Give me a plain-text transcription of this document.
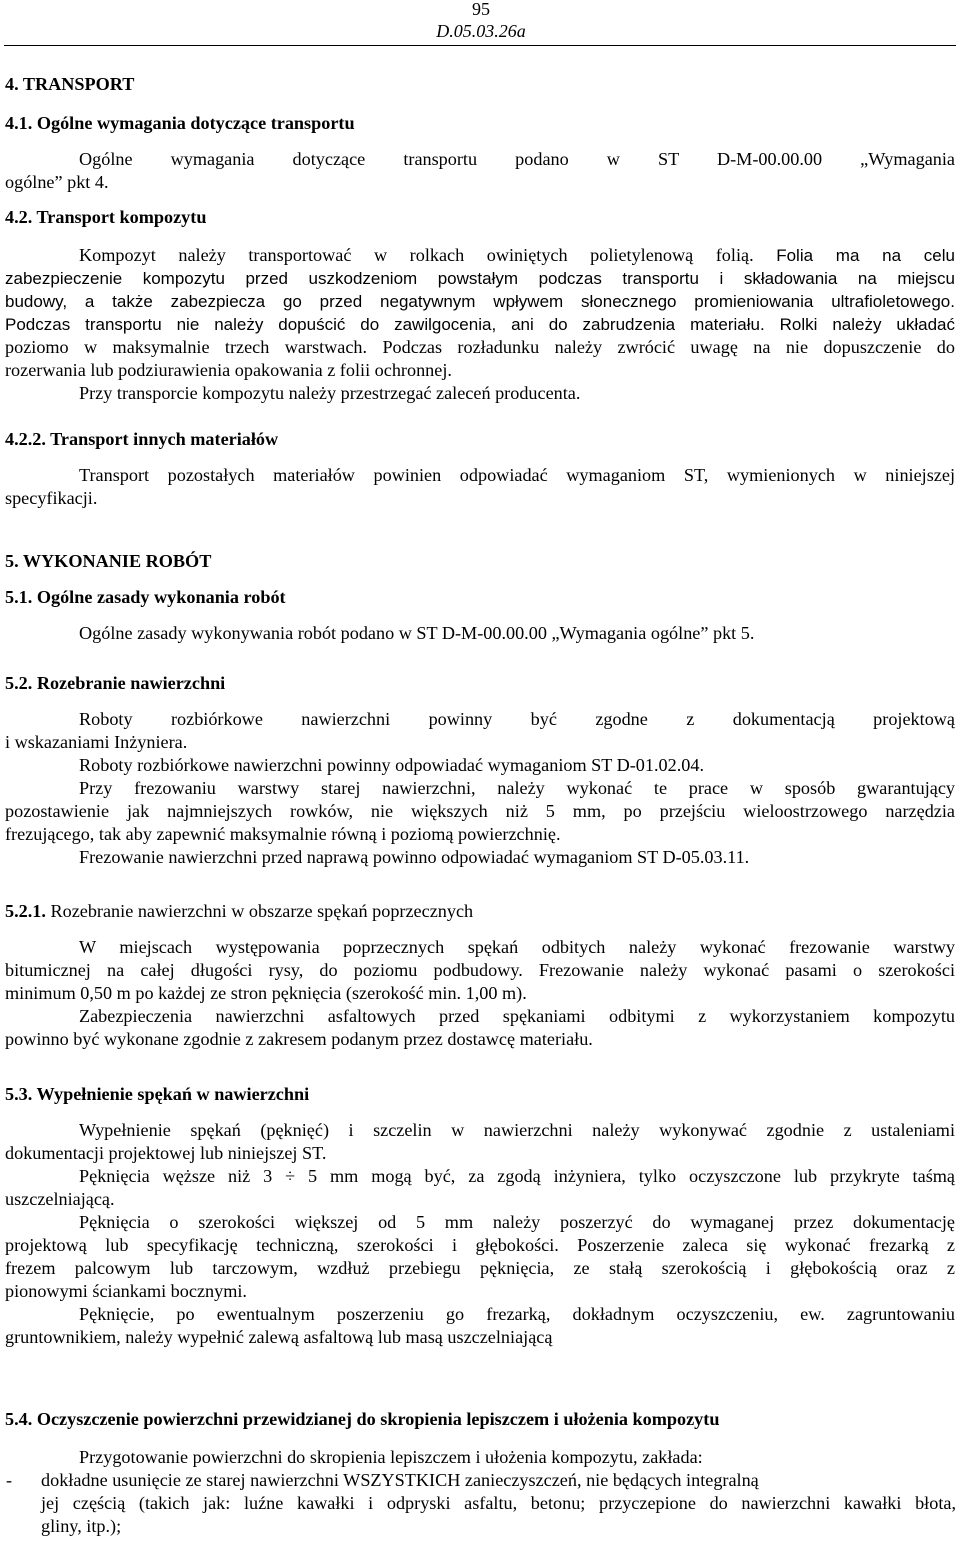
95
D.05.03.26a
4. TRANSPORT
4.1. Ogólne wymagania dotyczące transportu
Ogólne wymagania dotyczące transportu podano w ST D-M-00.00.00 „Wymagania
ogólne” pkt 4.
4.2. Transport kompozytu
Kompozyt należy transportować w rolkach owiniętych polietylenową folią. Folia ma na celu
zabezpieczenie kompozytu przed uszkodzeniom powstałym podczas transportu i składowania na miejscu
budowy, a także zabezpiecza go przed negatywnym wpływem słonecznego promieniowania ultrafioletowego.
Podczas transportu nie należy dopuścić do zawilgocenia, ani do zabrudzenia materiału. Rolki należy układać
poziomo w maksymalnie trzech warstwach. Podczas rozładunku należy zwrócić uwagę na nie dopuszczenie do
rozerwania lub podziurawienia opakowania z folii ochronnej.
Przy transporcie kompozytu należy przestrzegać zaleceń producenta.
4.2.2. Transport innych materiałów
Transport pozostałych materiałów powinien odpowiadać wymaganiom ST, wymienionych w niniejszej
specyfikacji.
5. WYKONANIE ROBÓT
5.1. Ogólne zasady wykonania robót
Ogólne zasady wykonywania robót podano w ST D-M-00.00.00 „Wymagania ogólne” pkt 5.
5.2. Rozebranie nawierzchni
Roboty rozbiórkowe nawierzchni powinny być zgodne z dokumentacją projektową
i wskazaniami Inżyniera.
Roboty rozbiórkowe nawierzchni powinny odpowiadać wymaganiom ST D-01.02.04.
Przy frezowaniu warstwy starej nawierzchni, należy wykonać te prace w sposób gwarantujący
pozostawienie jak najmniejszych rowków, nie większych niż 5 mm, po przejściu wieloostrzowego narzędzia
frezującego, tak aby zapewnić maksymalnie równą i poziomą powierzchnię.
Frezowanie nawierzchni przed naprawą powinno odpowiadać wymaganiom ST D-05.03.11.
5.2.1. Rozebranie nawierzchni w obszarze spękań poprzecznych
W miejscach występowania poprzecznych spękań odbitych należy wykonać frezowanie warstwy
bitumicznej na całej długości rysy, do poziomu podbudowy. Frezowanie należy wykonać pasami o szerokości
minimum 0,50 m po każdej ze stron pęknięcia (szerokość min. 1,00 m).
Zabezpieczenia nawierzchni asfaltowych przed spękaniami odbitymi z wykorzystaniem kompozytu
powinno być wykonane zgodnie z zakresem podanym przez dostawcę materiału.
5.3. Wypełnienie spękań w nawierzchni
Wypełnienie spękań (pęknięć) i szczelin w nawierzchni należy wykonywać zgodnie z ustaleniami
dokumentacji projektowej lub niniejszej ST.
Pęknięcia węższe niż 3 ÷ 5 mm mogą być, za zgodą inżyniera, tylko oczyszczone lub przykryte taśmą
uszczelniającą.
Pęknięcia o szerokości większej od 5 mm należy poszerzyć do wymaganej przez dokumentację
projektową lub specyfikację techniczną, szerokości i głębokości. Poszerzenie zaleca się wykonać frezarką z
frezem palcowym lub tarczowym, wzdłuż przebiegu pęknięcia, ze stałą szerokością i głębokością oraz z
pionowymi ściankami bocznymi.
Pęknięcie, po ewentualnym poszerzeniu go frezarką, dokładnym oczyszczeniu, ew. zagruntowaniu
gruntownikiem, należy wypełnić zalewą asfaltową lub masą uszczelniającą
5.4. Oczyszczenie powierzchni przewidzianej do skropienia lepiszczem i ułożenia kompozytu
Przygotowanie powierzchni do skropienia lepiszczem i ułożenia kompozytu, zakłada:
- dokładne usunięcie ze starej nawierzchni WSZYSTKICH zanieczyszczeń, nie będących integralną
jej częścią (takich jak: luźne kawałki i odpryski asfaltu, betonu; przyczepione do nawierzchni kawałki błota,
gliny, itp.);
